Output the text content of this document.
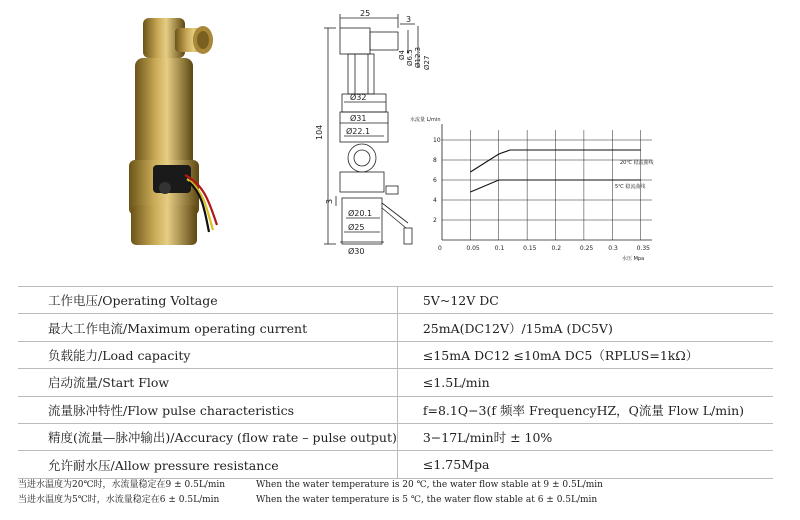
25
3
Ø4 Ø6.5 Ø12.3 Ø27
Ø32
104
Ø31
Ø22.1
3
Ø20.1
Ø25
Ø30	0	0.05	0.1	0.15	0.2	0.25	0.3	0.35
2
4
6
8
10
水流量 L/min
水压 Mpa
20℃ 稳流曲线
5℃ 稳流曲线
工作电压/Operating Voltage	5V~12V DC
最大工作电流/Maximum operating current	25mA(DC12V）/15mA (DC5V)
负载能力/Load capacity	≤15mA DC12 ≤10mA DC5（RPLUS=1kΩ）
启动流量/Start Flow	≤1.5L/min
流量脉冲特性/Flow pulse characteristics	f=8.1Q−3(f 频率 FrequencyHZ，Q流量 Flow L/min)
精度(流量—脉冲输出)/Accuracy (flow rate – pulse output)	3−17L/min时 ± 10%
允许耐水压/Allow pressure resistance	≤1.75Mpa
当进水温度为20℃时，水流量稳定在9 ± 0.5L/min	When the water temperature is 20 ℃, the water flow stable at 9 ± 0.5L/min
当进水温度为5℃时，水流量稳定在6 ± 0.5L/min	When the water temperature is 5 ℃, the water flow stable at 6 ± 0.5L/min
